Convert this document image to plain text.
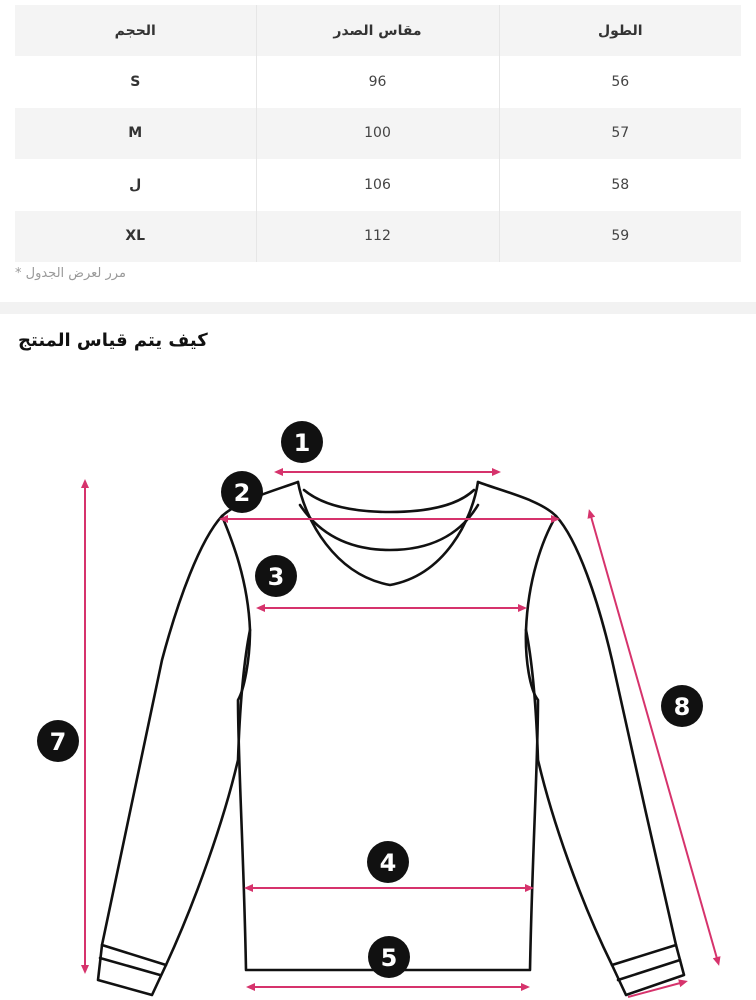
الطول	مقاس الصدر	الحجم
56	96	S
57	100	M
58	106	ل
59	112	XL
مرر لعرض الجدول *
كيف يتم قياس المنتج
1
2
3
4
5
7
8
